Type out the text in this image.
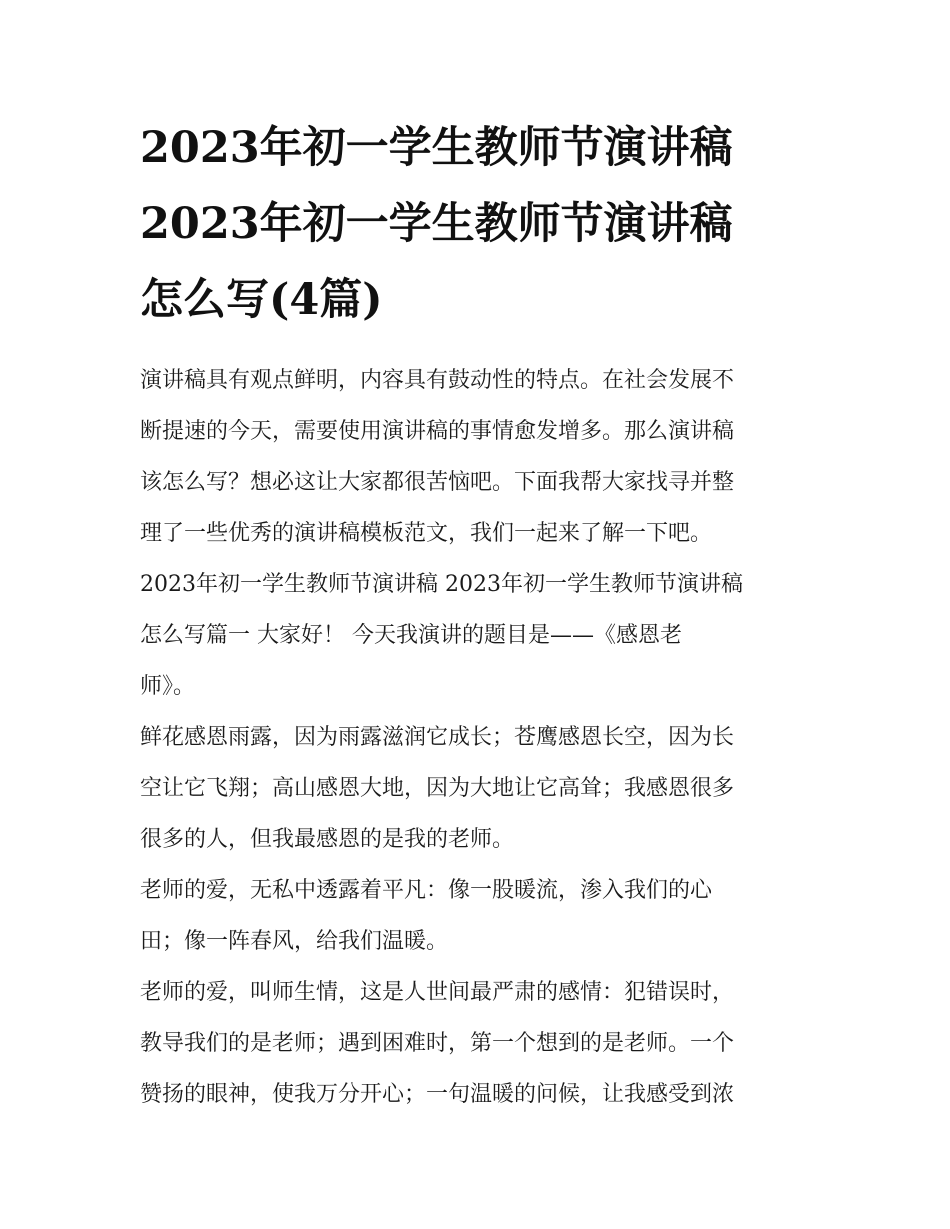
2023年初一学生教师节演讲稿
2023年初一学生教师节演讲稿
怎么写(4篇)
演讲稿具有观点鲜明，内容具有鼓动性的特点。在社会发展不
断提速的今天，需要使用演讲稿的事情愈发增多。那么演讲稿
该怎么写？想必这让大家都很苦恼吧。下面我帮大家找寻并整
理了一些优秀的演讲稿模板范文，我们一起来了解一下吧。
2023年初一学生教师节演讲稿 2023年初一学生教师节演讲稿
怎么写篇一 大家好！ 今天我演讲的题目是——《感恩老
师》。
鲜花感恩雨露，因为雨露滋润它成长；苍鹰感恩长空，因为长
空让它飞翔；高山感恩大地，因为大地让它高耸；我感恩很多
很多的人，但我最感恩的是我的老师。
老师的爱，无私中透露着平凡：像一股暖流，渗入我们的心
田；像一阵春风，给我们温暖。
老师的爱，叫师生情，这是人世间最严肃的感情：犯错误时，
教导我们的是老师；遇到困难时，第一个想到的是老师。一个
赞扬的眼神，使我万分开心；一句温暖的问候，让我感受到浓
